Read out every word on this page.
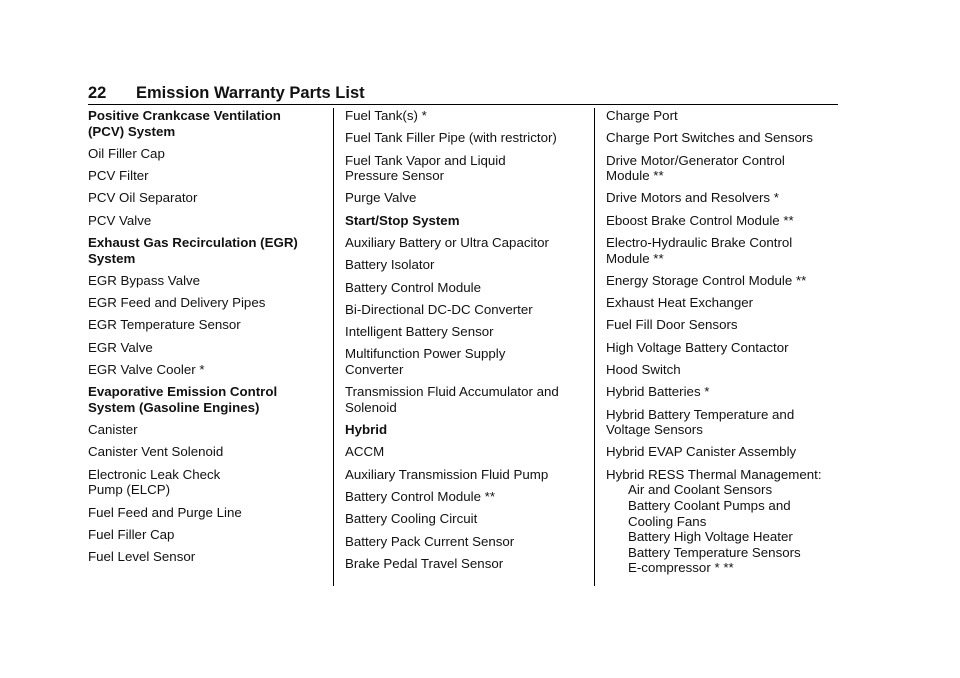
22 Emission Warranty Parts List
Positive Crankcase Ventilation
(PCV) System
Oil Filler Cap
PCV Filter
PCV Oil Separator
PCV Valve
Exhaust Gas Recirculation (EGR)
System
EGR Bypass Valve
EGR Feed and Delivery Pipes
EGR Temperature Sensor
EGR Valve
EGR Valve Cooler *
Evaporative Emission Control
System (Gasoline Engines)
Canister
Canister Vent Solenoid
Electronic Leak Check
Pump (ELCP)
Fuel Feed and Purge Line
Fuel Filler Cap
Fuel Level Sensor
Fuel Tank(s) *
Fuel Tank Filler Pipe (with restrictor)
Fuel Tank Vapor and Liquid
Pressure Sensor
Purge Valve
Start/Stop System
Auxiliary Battery or Ultra Capacitor
Battery Isolator
Battery Control Module
Bi-Directional DC-DC Converter
Intelligent Battery Sensor
Multifunction Power Supply
Converter
Transmission Fluid Accumulator and
Solenoid
Hybrid
ACCM
Auxiliary Transmission Fluid Pump
Battery Control Module **
Battery Cooling Circuit
Battery Pack Current Sensor
Brake Pedal Travel Sensor
Charge Port
Charge Port Switches and Sensors
Drive Motor/Generator Control
Module **
Drive Motors and Resolvers *
Eboost Brake Control Module **
Electro-Hydraulic Brake Control
Module **
Energy Storage Control Module **
Exhaust Heat Exchanger
Fuel Fill Door Sensors
High Voltage Battery Contactor
Hood Switch
Hybrid Batteries *
Hybrid Battery Temperature and
Voltage Sensors
Hybrid EVAP Canister Assembly
Hybrid RESS Thermal Management:
Air and Coolant Sensors
Battery Coolant Pumps and
Cooling Fans
Battery High Voltage Heater
Battery Temperature Sensors
E-compressor * **
